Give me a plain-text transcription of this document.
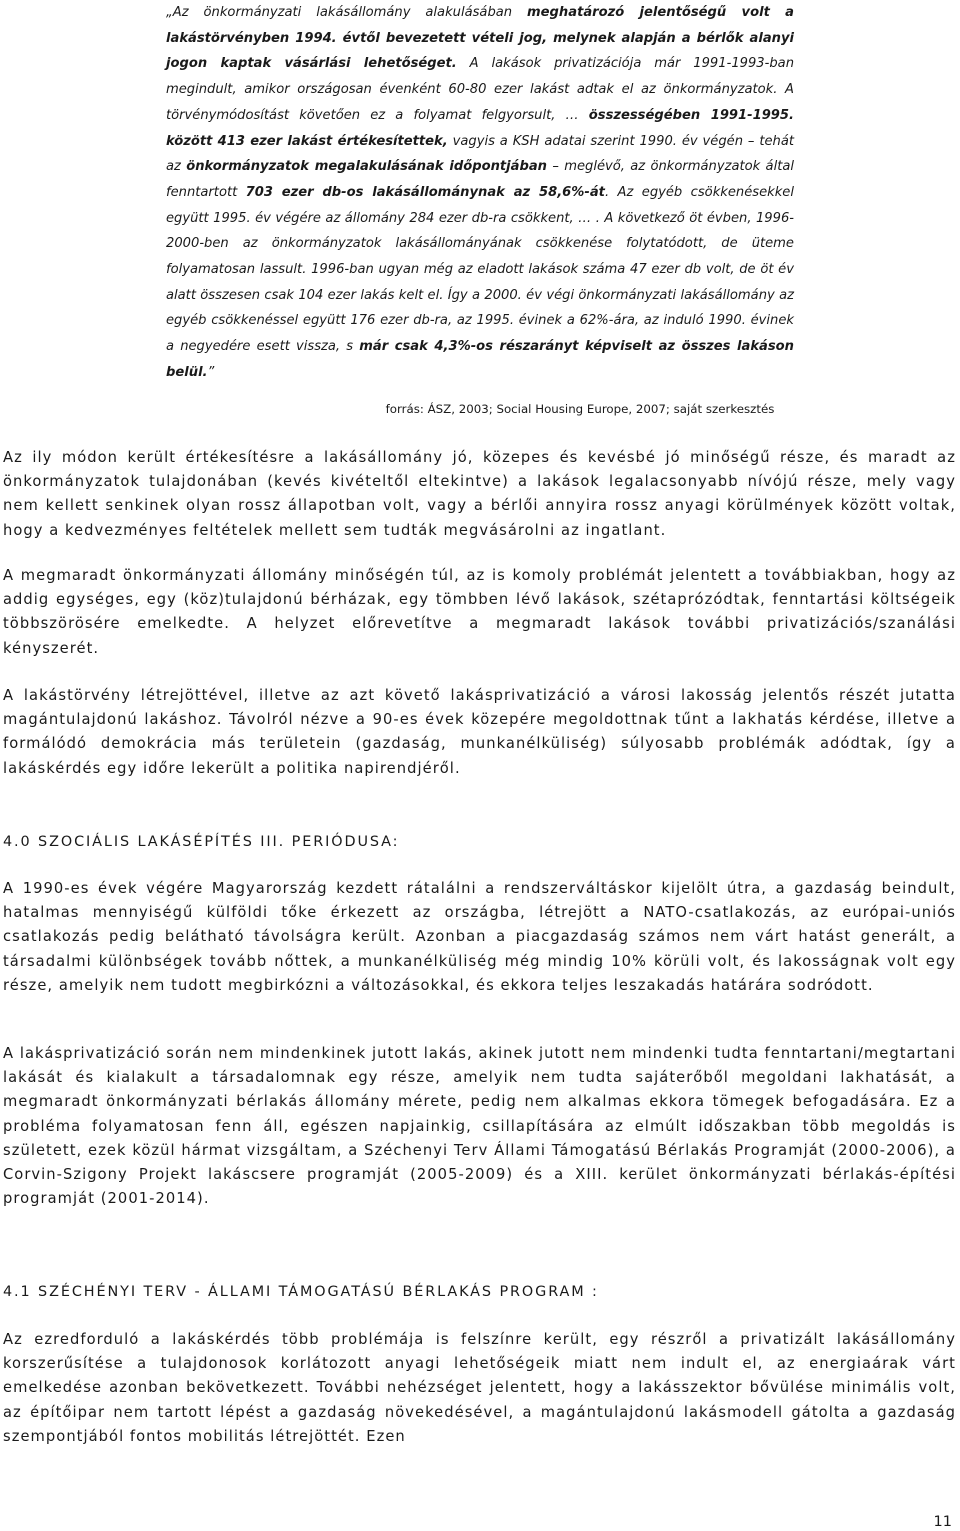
„Az önkormányzati lakásállomány alakulásában meghatározó jelentőségű volt a lakástörvényben 1994. évtől bevezetett vételi jog, melynek alapján a bérlők alanyi jogon kaptak vásárlási lehetőséget. A lakások privatizációja már 1991-1993-ban megindult, amikor országosan évenként 60-80 ezer lakást adtak el az önkormányzatok. A törvénymódosítást követően ez a folyamat felgyorsult, … összességében 1991-1995. között 413 ezer lakást értékesítettek, vagyis a KSH adatai szerint 1990. év végén – tehát az önkormányzatok megalakulásának időpontjában – meglévő, az önkormányzatok által fenntartott 703 ezer db-os lakásállománynak az 58,6%-át. Az egyéb csökkenésekkel együtt 1995. év végére az állomány 284 ezer db-ra csökkent, … . A következő öt évben, 1996-2000-ben az önkormányzatok lakásállományának csökkenése folytatódott, de üteme folyamatosan lassult. 1996-ban ugyan még az eladott lakások száma 47 ezer db volt, de öt év alatt összesen csak 104 ezer lakás kelt el. Így a 2000. év végi önkormányzati lakásállomány az egyéb csökkenéssel együtt 176 ezer db-ra, az 1995. évinek a 62%-ára, az induló 1990. évinek a negyedére esett vissza, s már csak 4,3%-os részarányt képviselt az összes lakáson belül.”
forrás: ÁSZ, 2003; Social Housing Europe, 2007; saját szerkesztés
Az ily módon került értékesítésre a lakásállomány jó, közepes és kevésbé jó minőségű része, és maradt az önkormányzatok tulajdonában (kevés kivételtől eltekintve) a lakások legalacsonyabb nívójú része, mely vagy nem kellett senkinek olyan rossz állapotban volt, vagy a bérlői annyira rossz anyagi körülmények között voltak, hogy a kedvezményes feltételek mellett sem tudták megvásárolni az ingatlant.
A megmaradt önkormányzati állomány minőségén túl, az is komoly problémát jelentett a továbbiakban, hogy az addig egységes, egy (köz)tulajdonú bérházak, egy tömbben lévő lakások, szétaprózódtak, fenntartási költségeik többszörösére emelkedte. A helyzet előrevetítve a megmaradt lakások további privatizációs/szanálási kényszerét.
A lakástörvény létrejöttével, illetve az azt követő lakásprivatizáció a városi lakosság jelentős részét jutatta magántulajdonú lakáshoz. Távolról nézve a 90-es évek közepére megoldottnak tűnt a lakhatás kérdése, illetve a formálódó demokrácia más területein (gazdaság, munkanélküliség) súlyosabb problémák adódtak, így a lakáskérdés egy időre lekerült a politika napirendjéről.
4.0 SZOCIÁLIS LAKÁSÉPÍTÉS III. PERIÓDUSA:
A 1990-es évek végére Magyarország kezdett rátalálni a rendszerváltáskor kijelölt útra, a gazdaság beindult, hatalmas mennyiségű külföldi tőke érkezett az országba, létrejött a NATO-csatlakozás, az európai-uniós csatlakozás pedig belátható távolságra került. Azonban a piacgazdaság számos nem várt hatást generált, a társadalmi különbségek tovább nőttek, a munkanélküliség még mindig 10% körüli volt, és lakosságnak volt egy része, amelyik nem tudott megbirkózni a változásokkal, és ekkora teljes leszakadás határára sodródott.
A lakásprivatizáció során nem mindenkinek jutott lakás, akinek jutott nem mindenki tudta fenntartani/megtartani lakását és kialakult a társadalomnak egy része, amelyik nem tudta sajáterőből megoldani lakhatását, a megmaradt önkormányzati bérlakás állomány mérete, pedig nem alkalmas ekkora tömegek befogadására. Ez a probléma folyamatosan fenn áll, egészen napjainkig, csillapítására az elmúlt időszakban több megoldás is született, ezek közül hármat vizsgáltam, a Széchenyi Terv Állami Támogatású Bérlakás Programját (2000-2006), a Corvin-Szigony Projekt lakáscsere programját (2005-2009) és a XIII. kerület önkormányzati bérlakás-építési programját (2001-2014).
4.1 SZÉCHÉNYI TERV - ÁLLAMI TÁMOGATÁSÚ BÉRLAKÁS PROGRAM :
Az ezredforduló a lakáskérdés több problémája is felszínre került, egy részről a privatizált lakásállomány korszerűsítése a tulajdonosok korlátozott anyagi lehetőségeik miatt nem indult el, az energiaárak várt emelkedése azonban bekövetkezett. További nehézséget jelentett, hogy a lakásszektor bővülése minimális volt, az építőipar nem tartott lépést a gazdaság növekedésével, a magántulajdonú lakásmodell gátolta a gazdaság szempontjából fontos mobilitás létrejöttét. Ezen
11
